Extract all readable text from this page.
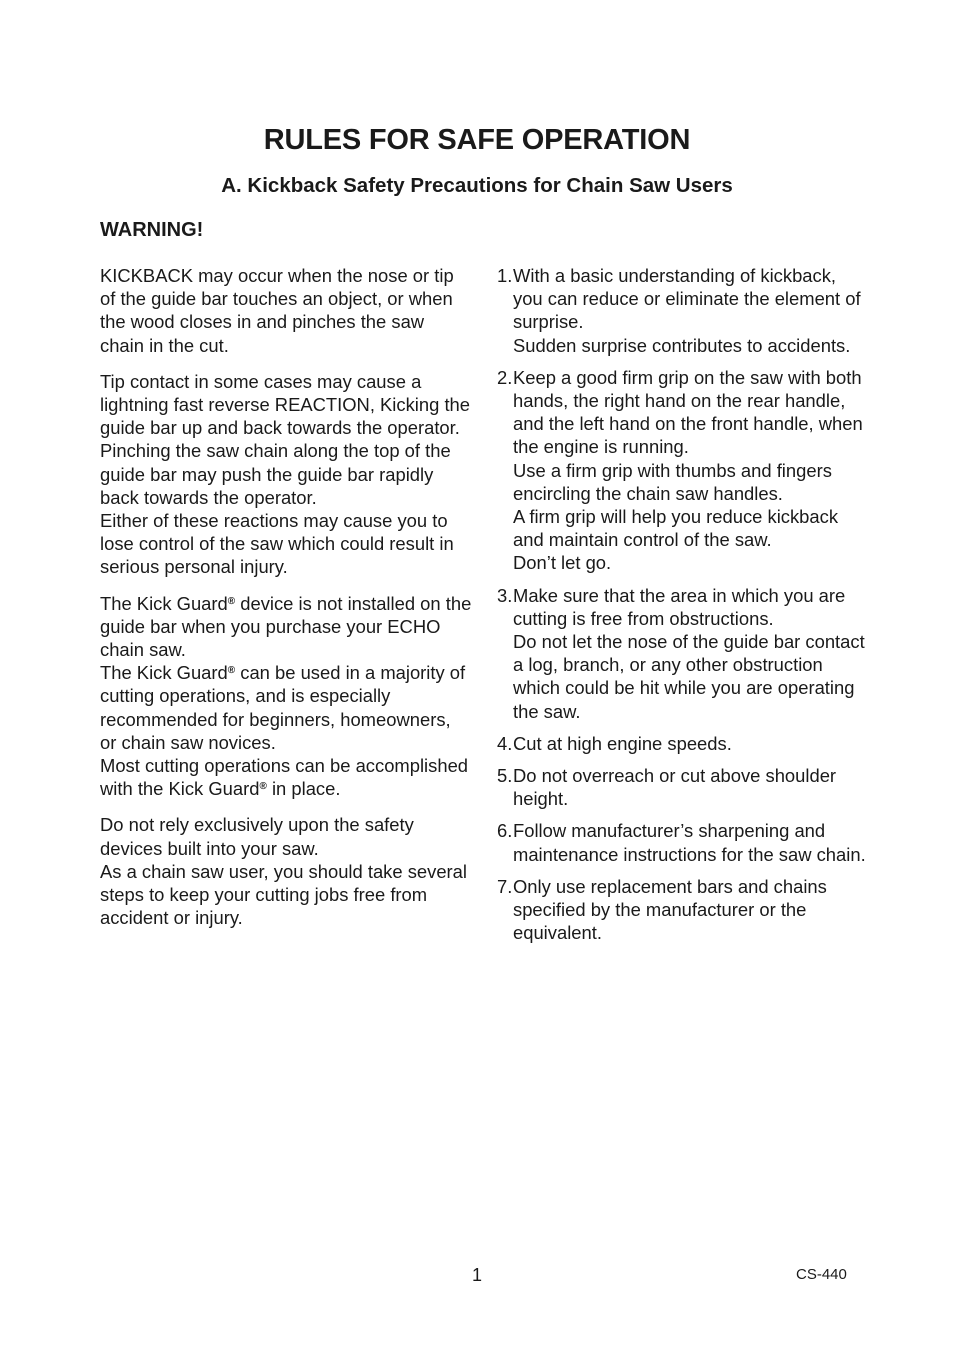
RULES FOR SAFE OPERATION
A. Kickback Safety Precautions for Chain Saw Users
WARNING!

KICKBACK may occur when the nose or tip of the guide bar touches an object, or when the wood closes in and pinches the saw chain in the cut.

Tip contact in some cases may cause a lightning fast reverse REACTION, Kicking the guide bar up and back towards the operator.
Pinching the saw chain along the top of the guide bar may push the guide bar rapidly back towards the operator.
Either of these reactions may cause you to lose control of the saw which could result in serious personal injury.

The Kick Guard® device is not installed on the guide bar when you purchase your ECHO chain saw.
The Kick Guard® can be used in a majority of cutting operations, and is especially recommended for beginners, homeowners, or chain saw novices.
Most cutting operations can be accomplished with the Kick Guard® in place.

Do not rely exclusively upon the safety devices built into your saw.
As a chain saw user, you should take several steps to keep your cutting jobs free from accident or injury.

1. With a basic understanding of kickback, you can reduce or eliminate the element of surprise.
Sudden surprise contributes to accidents.
2. Keep a good firm grip on the saw with both hands, the right hand on the rear handle, and the left hand on the front handle, when the engine is running.
Use a firm grip with thumbs and fingers encircling the chain saw handles.
A firm grip will help you reduce kickback and maintain control of the saw.
Don’t let go.
3. Make sure that the area in which you are cutting is free from obstructions.
Do not let the nose of the guide bar contact a log, branch, or any other obstruction which could be hit while you are operating the saw.
4. Cut at high engine speeds.
5. Do not overreach or cut above shoulder height.
6. Follow manufacturer’s sharpening and maintenance instructions for the saw chain.
7. Only use replacement bars and chains specified by the manufacturer or the equivalent.
1	CS-440
